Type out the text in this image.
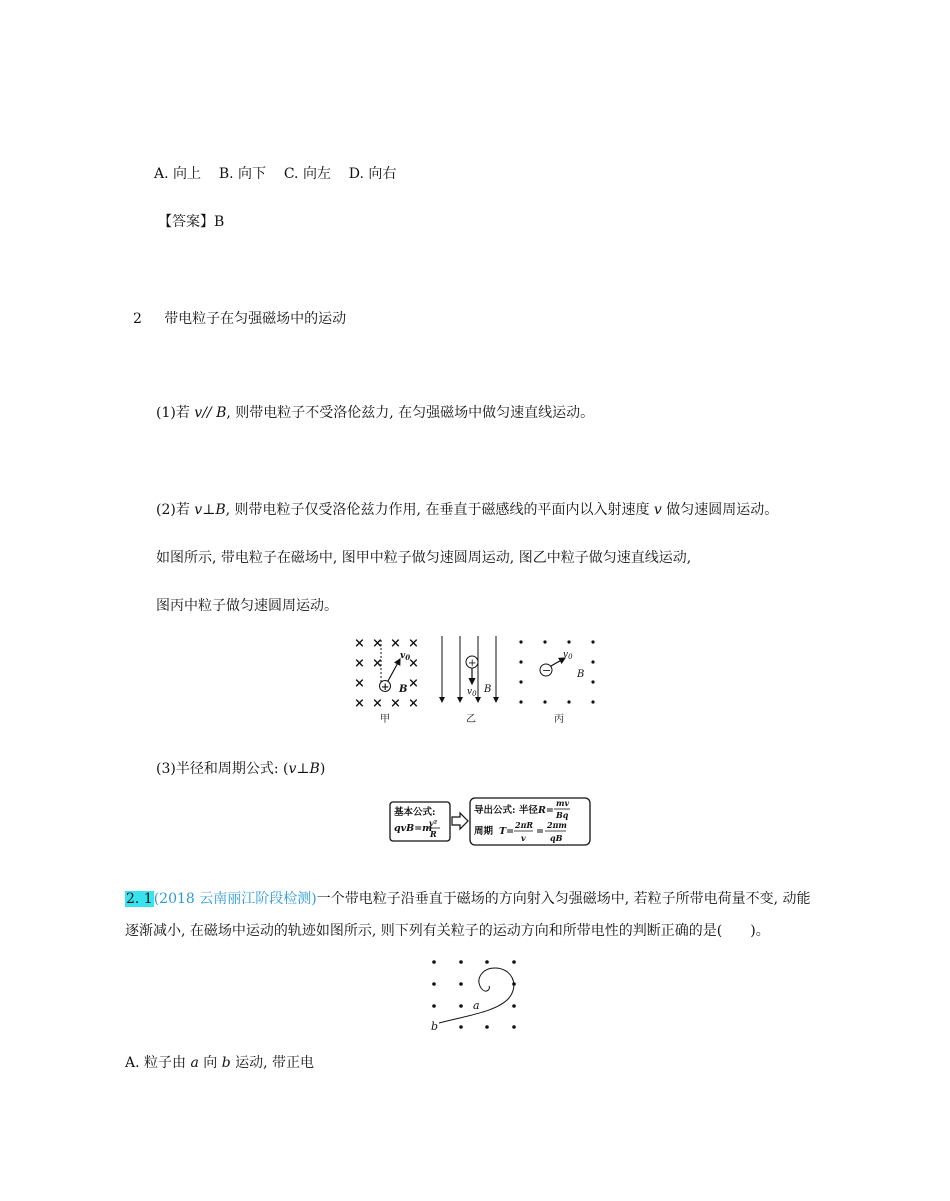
A. 向上 B. 向下 C. 向左 D. 向右
【答案】B
2 带电粒子在匀强磁场中的运动
(1)若 v// B, 则带电粒子不受洛伦兹力, 在匀强磁场中做匀速直线运动。
(2)若 v⊥B, 则带电粒子仅受洛伦兹力作用, 在垂直于磁感线的平面内以入射速度 v 做匀速圆周运动。
如图所示, 带电粒子在磁场中, 图甲中粒子做匀速圆周运动, 图乙中粒子做匀速直线运动,
图丙中粒子做匀速圆周运动。
× × × ×
× × ×
×	×
× × × ×
+
$v_0$
B
甲
+
$v_0$ B
乙
−
$v_0$
B
丙
(3)半径和周期公式: (v⊥B)
基本公式:
qvB=m
v²
R
导出公式: 半径 R=
mv
Bq
周期 T=
2πR
v
=
2πm
qB
2. 1(2018 云南丽江阶段检测)一个带电粒子沿垂直于磁场的方向射入匀强磁场中, 若粒子所带电荷量不变, 动能
逐渐减小, 在磁场中运动的轨迹如图所示, 则下列有关粒子的运动方向和所带电性的判断正确的是(　　)。
a
b
A. 粒子由 a 向 b 运动, 带正电
